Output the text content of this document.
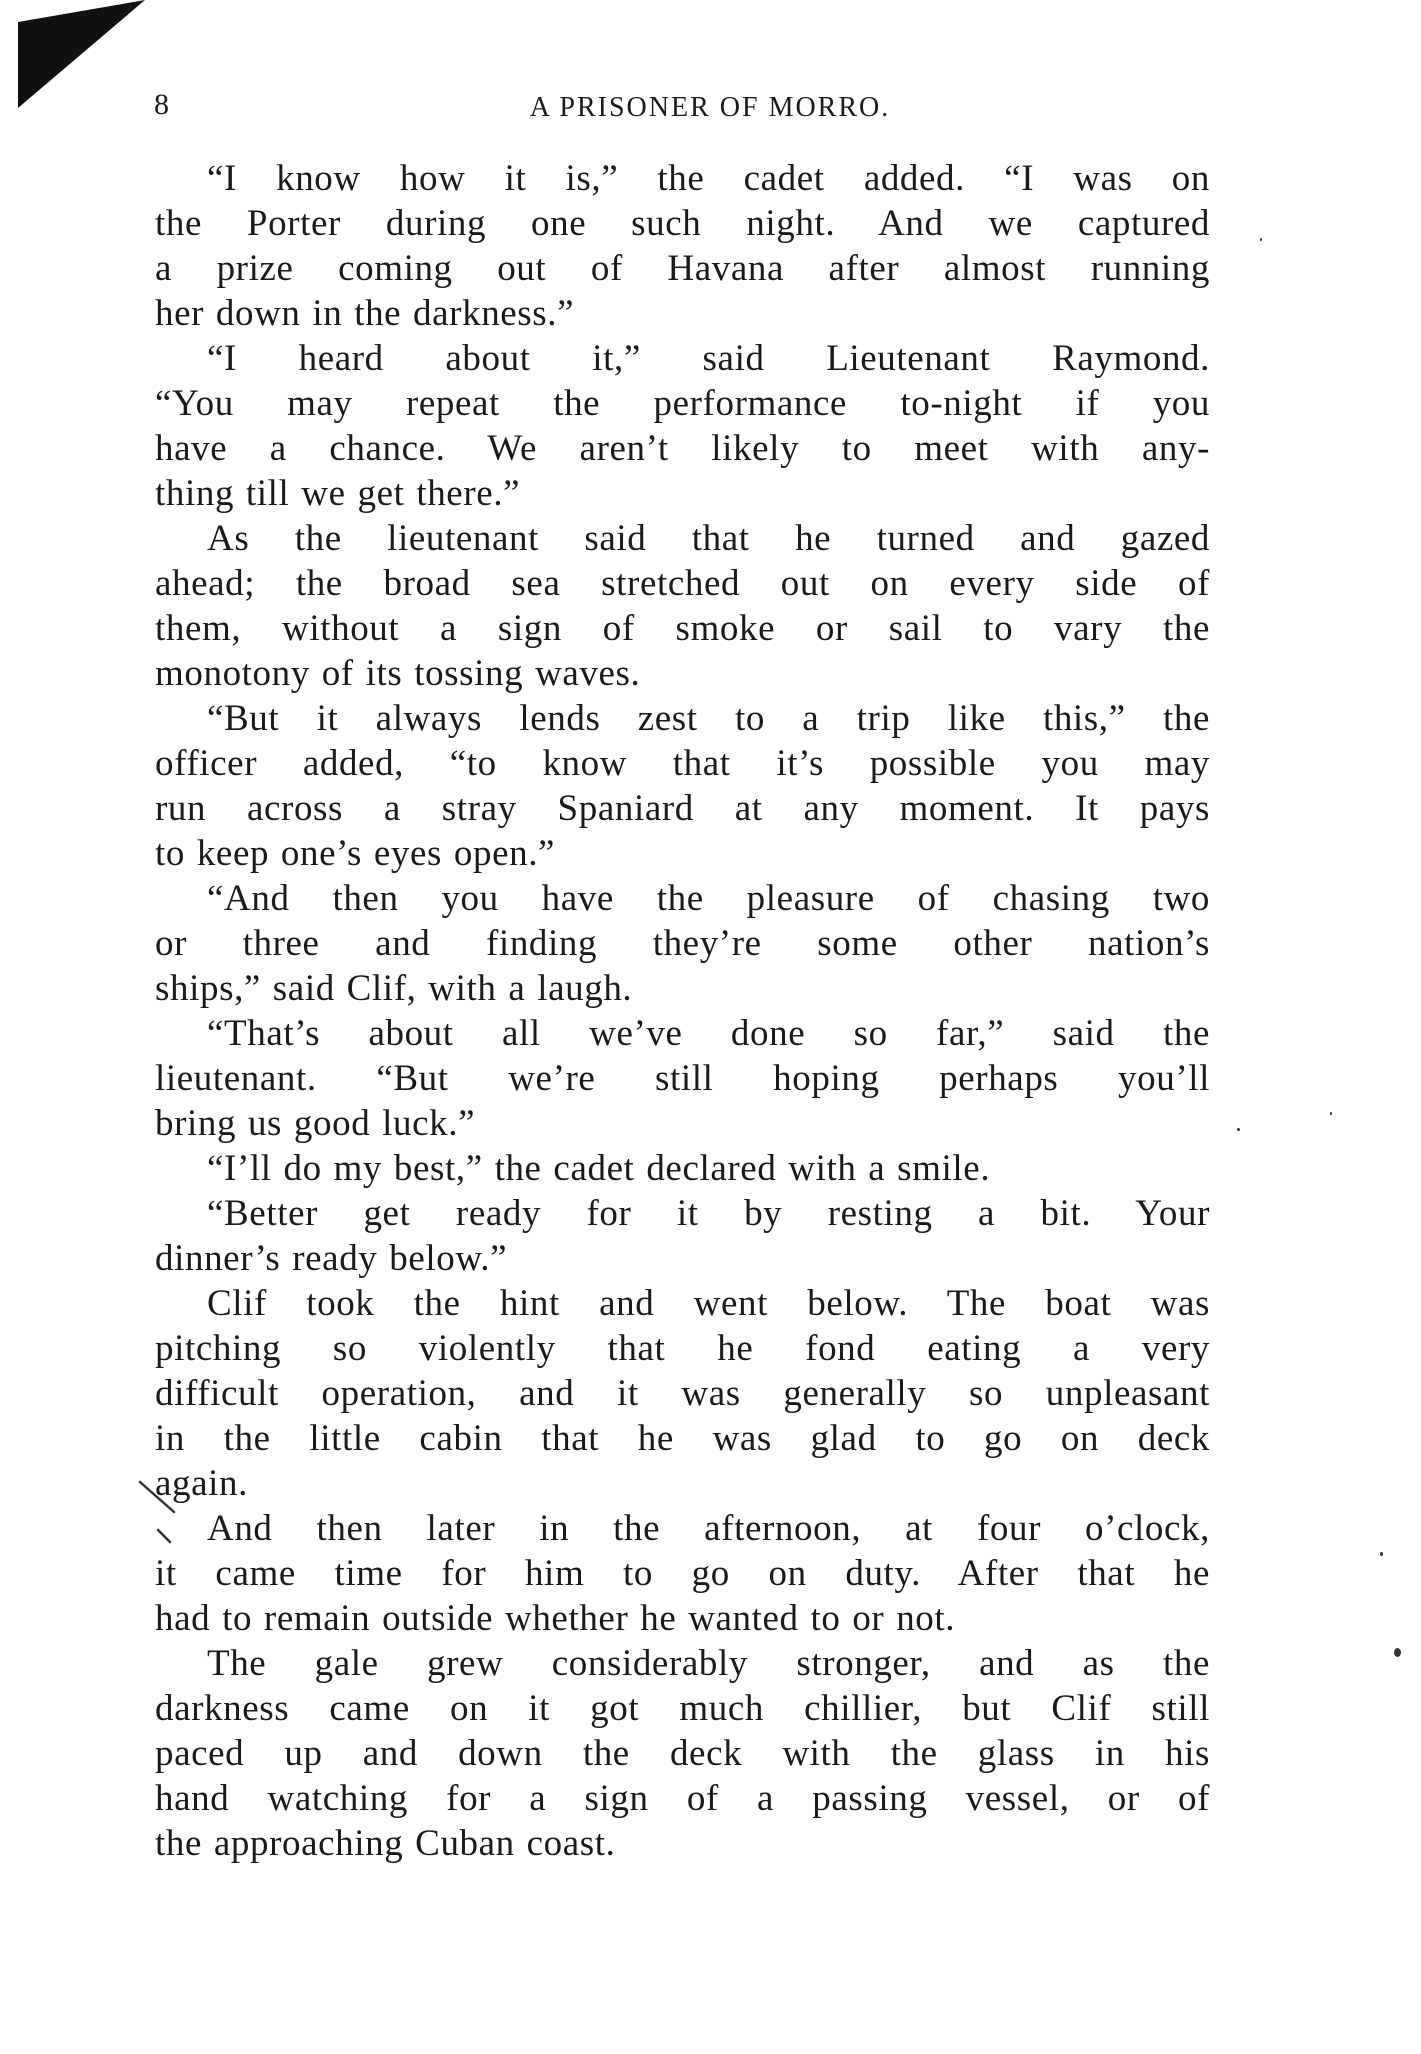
8	A PRISONER OF MORRO.
“I know how it is,” the cadet added. “I was on
the Porter during one such night. And we captured
a prize coming out of Havana after almost running
her down in the darkness.”
“I heard about it,” said Lieutenant Raymond.
“You may repeat the performance to-night if you
have a chance. We aren’t likely to meet with any-
thing till we get there.”
As the lieutenant said that he turned and gazed
ahead; the broad sea stretched out on every side of
them, without a sign of smoke or sail to vary the
monotony of its tossing waves.
“But it always lends zest to a trip like this,” the
officer added, “to know that it’s possible you may
run across a stray Spaniard at any moment. It pays
to keep one’s eyes open.”
“And then you have the pleasure of chasing two
or three and finding they’re some other nation’s
ships,” said Clif, with a laugh.
“That’s about all we’ve done so far,” said the
lieutenant. “But we’re still hoping perhaps you’ll
bring us good luck.”
“I’ll do my best,” the cadet declared with a smile.
“Better get ready for it by resting a bit. Your
dinner’s ready below.”
Clif took the hint and went below. The boat was
pitching so violently that he fond eating a very
difficult operation, and it was generally so unpleasant
in the little cabin that he was glad to go on deck
again.
And then later in the afternoon, at four o’clock,
it came time for him to go on duty. After that he
had to remain outside whether he wanted to or not.
The gale grew considerably stronger, and as the
darkness came on it got much chillier, but Clif still
paced up and down the deck with the glass in his
hand watching for a sign of a passing vessel, or of
the approaching Cuban coast.
